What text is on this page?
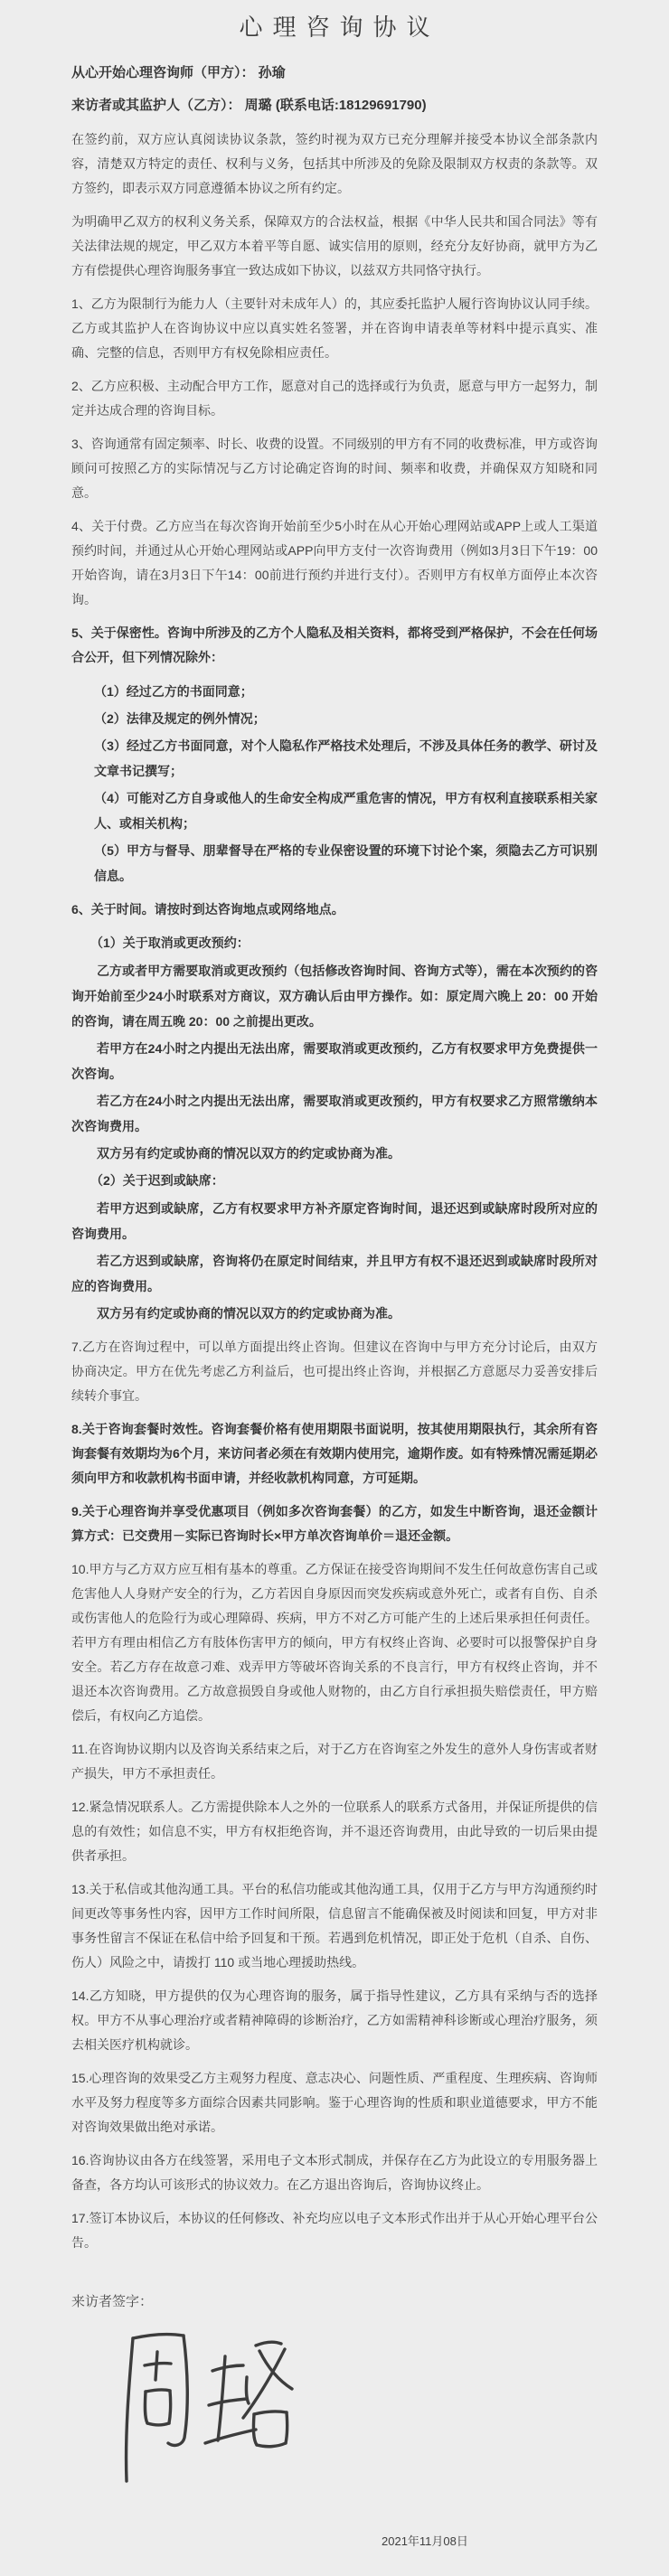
心理咨询协议

从心开始心理咨询师（甲方）： 孙瑜

来访者或其监护人（乙方）： 周璐 (联系电话:18129691790)

在签约前，双方应认真阅读协议条款，签约时视为双方已充分理解并接受本协议全部条款内容，清楚双方特定的责任、权利与义务，包括其中所涉及的免除及限制双方权责的条款等。双方签约，即表示双方同意遵循本协议之所有约定。

为明确甲乙双方的权利义务关系，保障双方的合法权益，根据《中华人民共和国合同法》等有关法律法规的规定，甲乙双方本着平等自愿、诚实信用的原则，经充分友好协商，就甲方为乙方有偿提供心理咨询服务事宜一致达成如下协议，以兹双方共同恪守执行。

1、乙方为限制行为能力人（主要针对未成年人）的，其应委托监护人履行咨询协议认同手续。乙方或其监护人在咨询协议中应以真实姓名签署，并在咨询申请表单等材料中提示真实、准确、完整的信息，否则甲方有权免除相应责任。

2、乙方应积极、主动配合甲方工作，愿意对自己的选择或行为负责，愿意与甲方一起努力，制定并达成合理的咨询目标。

3、咨询通常有固定频率、时长、收费的设置。不同级别的甲方有不同的收费标准，甲方或咨询顾问可按照乙方的实际情况与乙方讨论确定咨询的时间、频率和收费，并确保双方知晓和同意。

4、关于付费。乙方应当在每次咨询开始前至少5小时在从心开始心理网站或APP上或人工渠道预约时间，并通过从心开始心理网站或APP向甲方支付一次咨询费用（例如3月3日下午19：00开始咨询，请在3月3日下午14：00前进行预约并进行支付）。否则甲方有权单方面停止本次咨询。

5、关于保密性。咨询中所涉及的乙方个人隐私及相关资料，都将受到严格保护，不会在任何场合公开，但下列情况除外：

（1）经过乙方的书面同意；

（2）法律及规定的例外情况；

（3）经过乙方书面同意，对个人隐私作严格技术处理后，不涉及具体任务的教学、研讨及文章书记撰写；

（4）可能对乙方自身或他人的生命安全构成严重危害的情况，甲方有权利直接联系相关家人、或相关机构；

（5）甲方与督导、朋辈督导在严格的专业保密设置的环境下讨论个案，须隐去乙方可识别信息。

6、关于时间。请按时到达咨询地点或网络地点。

（1）关于取消或更改预约：

乙方或者甲方需要取消或更改预约（包括修改咨询时间、咨询方式等），需在本次预约的咨询开始前至少24小时联系对方商议，双方确认后由甲方操作。如：原定周六晚上 20：00 开始的咨询，请在周五晚 20：00 之前提出更改。

若甲方在24小时之内提出无法出席，需要取消或更改预约，乙方有权要求甲方免费提供一次咨询。

若乙方在24小时之内提出无法出席，需要取消或更改预约，甲方有权要求乙方照常缴纳本次咨询费用。

双方另有约定或协商的情况以双方的约定或协商为准。

（2）关于迟到或缺席：

若甲方迟到或缺席，乙方有权要求甲方补齐原定咨询时间，退还迟到或缺席时段所对应的咨询费用。

若乙方迟到或缺席，咨询将仍在原定时间结束，并且甲方有权不退还迟到或缺席时段所对应的咨询费用。

双方另有约定或协商的情况以双方的约定或协商为准。

7.乙方在咨询过程中，可以单方面提出终止咨询。但建议在咨询中与甲方充分讨论后，由双方协商决定。甲方在优先考虑乙方利益后，也可提出终止咨询，并根据乙方意愿尽力妥善安排后续转介事宜。

8.关于咨询套餐时效性。咨询套餐价格有使用期限书面说明，按其使用期限执行，其余所有咨询套餐有效期均为6个月，来访问者必须在有效期内使用完，逾期作废。如有特殊情况需延期必须向甲方和收款机构书面申请，并经收款机构同意，方可延期。

9.关于心理咨询并享受优惠项目（例如多次咨询套餐）的乙方，如发生中断咨询，退还金额计算方式：已交费用－实际已咨询时长×甲方单次咨询单价＝退还金额。

10.甲方与乙方双方应互相有基本的尊重。乙方保证在接受咨询期间不发生任何故意伤害自己或危害他人人身财产安全的行为，乙方若因自身原因而突发疾病或意外死亡，或者有自伤、自杀或伤害他人的危险行为或心理障碍、疾病，甲方不对乙方可能产生的上述后果承担任何责任。若甲方有理由相信乙方有肢体伤害甲方的倾向，甲方有权终止咨询、必要时可以报警保护自身安全。若乙方存在故意刁难、戏弄甲方等破坏咨询关系的不良言行，甲方有权终止咨询，并不退还本次咨询费用。乙方故意损毁自身或他人财物的，由乙方自行承担损失赔偿责任，甲方赔偿后，有权向乙方追偿。

11.在咨询协议期内以及咨询关系结束之后，对于乙方在咨询室之外发生的意外人身伤害或者财产损失，甲方不承担责任。

12.紧急情况联系人。乙方需提供除本人之外的一位联系人的联系方式备用，并保证所提供的信息的有效性；如信息不实，甲方有权拒绝咨询，并不退还咨询费用，由此导致的一切后果由提供者承担。

13.关于私信或其他沟通工具。平台的私信功能或其他沟通工具，仅用于乙方与甲方沟通预约时间更改等事务性内容，因甲方工作时间所限，信息留言不能确保被及时阅读和回复，甲方对非事务性留言不保证在私信中给予回复和干预。若遇到危机情况，即正处于危机（自杀、自伤、伤人）风险之中，请拨打 110 或当地心理援助热线。

14.乙方知晓，甲方提供的仅为心理咨询的服务，属于指导性建议，乙方具有采纳与否的选择权。甲方不从事心理治疗或者精神障碍的诊断治疗，乙方如需精神科诊断或心理治疗服务，须去相关医疗机构就诊。

15.心理咨询的效果受乙方主观努力程度、意志决心、问题性质、严重程度、生理疾病、咨询师水平及努力程度等多方面综合因素共同影响。鉴于心理咨询的性质和职业道德要求，甲方不能对咨询效果做出绝对承诺。

16.咨询协议由各方在线签署，采用电子文本形式制成，并保存在乙方为此设立的专用服务器上备查，各方均认可该形式的协议效力。在乙方退出咨询后，咨询协议终止。

17.签订本协议后，本协议的任何修改、补充均应以电子文本形式作出并于从心开始心理平台公告。

来访者签字：
2021年11月08日
